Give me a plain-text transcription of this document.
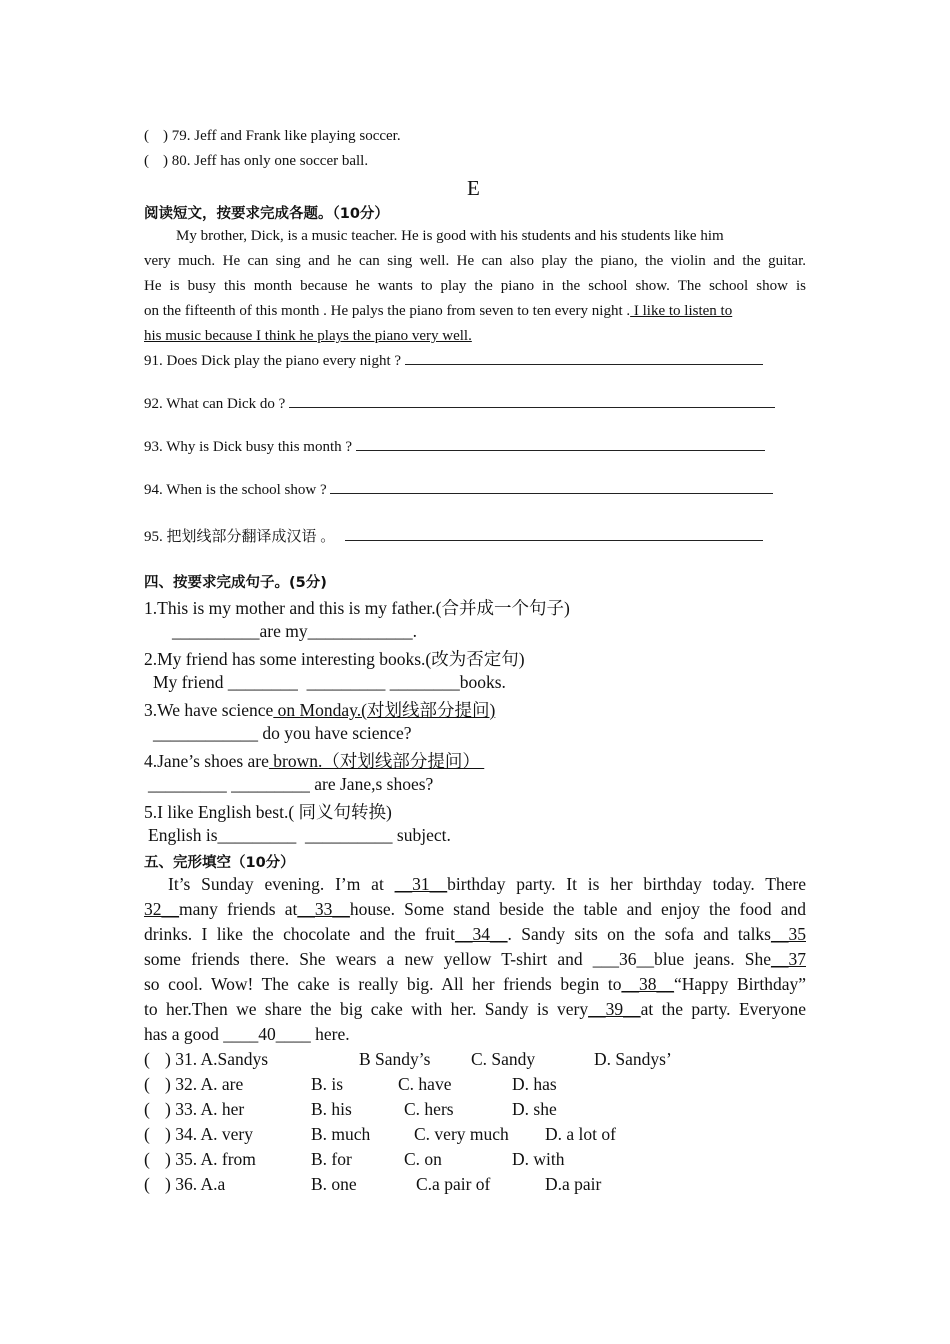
( ) 79. Jeff and Frank like playing soccer.
( ) 80. Jeff has only one soccer ball.
E
阅读短文，按要求完成各题。（10分）
My brother, Dick, is a music teacher. He is good with his students and his students like him
very much. He can sing and he can sing well. He can also play the piano, the violin and the guitar.
He is busy this month because he wants to play the piano in the school show. The school show is
on the fifteenth of this month . He palys the piano from seven to ten every night . I like to listen to
his music because I think he plays the piano very well.
91. Does Dick play the piano every night ?
92. What can Dick do ?
93. Why is Dick busy this month ?
94. When is the school show ?
95. 把划线部分翻译成汉语 。
四、按要求完成句子。(5分)
1.This is my mother and this is my father.(合并成一个句子)
__________are my____________.
2.My friend has some interesting books.(改为否定句)
My friend ________  _________ ________books.
3.We have science on Monday.(对划线部分提问)
____________ do you have science?
4.Jane’s shoes are brown.（对划线部分提问）
_________ _________ are Jane,s shoes?
5.I like English best.( 同义句转换)
English is_________  __________ subject.
五、完形填空（10分）
It’s Sunday evening. I’m at __31__birthday party. It is her birthday today. There
32__many friends at__33__house. Some stand beside the table and enjoy the food and
drinks. I like the chocolate and the fruit__34__. Sandy sits on the sofa and talks__35
some friends there. She wears a new yellow T-shirt and ___36__blue jeans. She__37
so cool. Wow! The cake is really big. All her friends begin to__38__“Happy Birthday”
to her.Then we share the big cake with her. Sandy is very__39__at the party. Everyone
has a good ____40____ here.
( ) 31. A.Sandys	B Sandy’s C. Sandy	D. Sandys’
( ) 32. A. are	B. is	C. have	D. has
( ) 33. A. her	B. his	C. hers	D. she
( ) 34. A. very	B. much C. very much D. a lot of
( ) 35. A. from	B. for	C. on	D. with
( ) 36. A.a	B. one	C.a pair of	D.a pair
